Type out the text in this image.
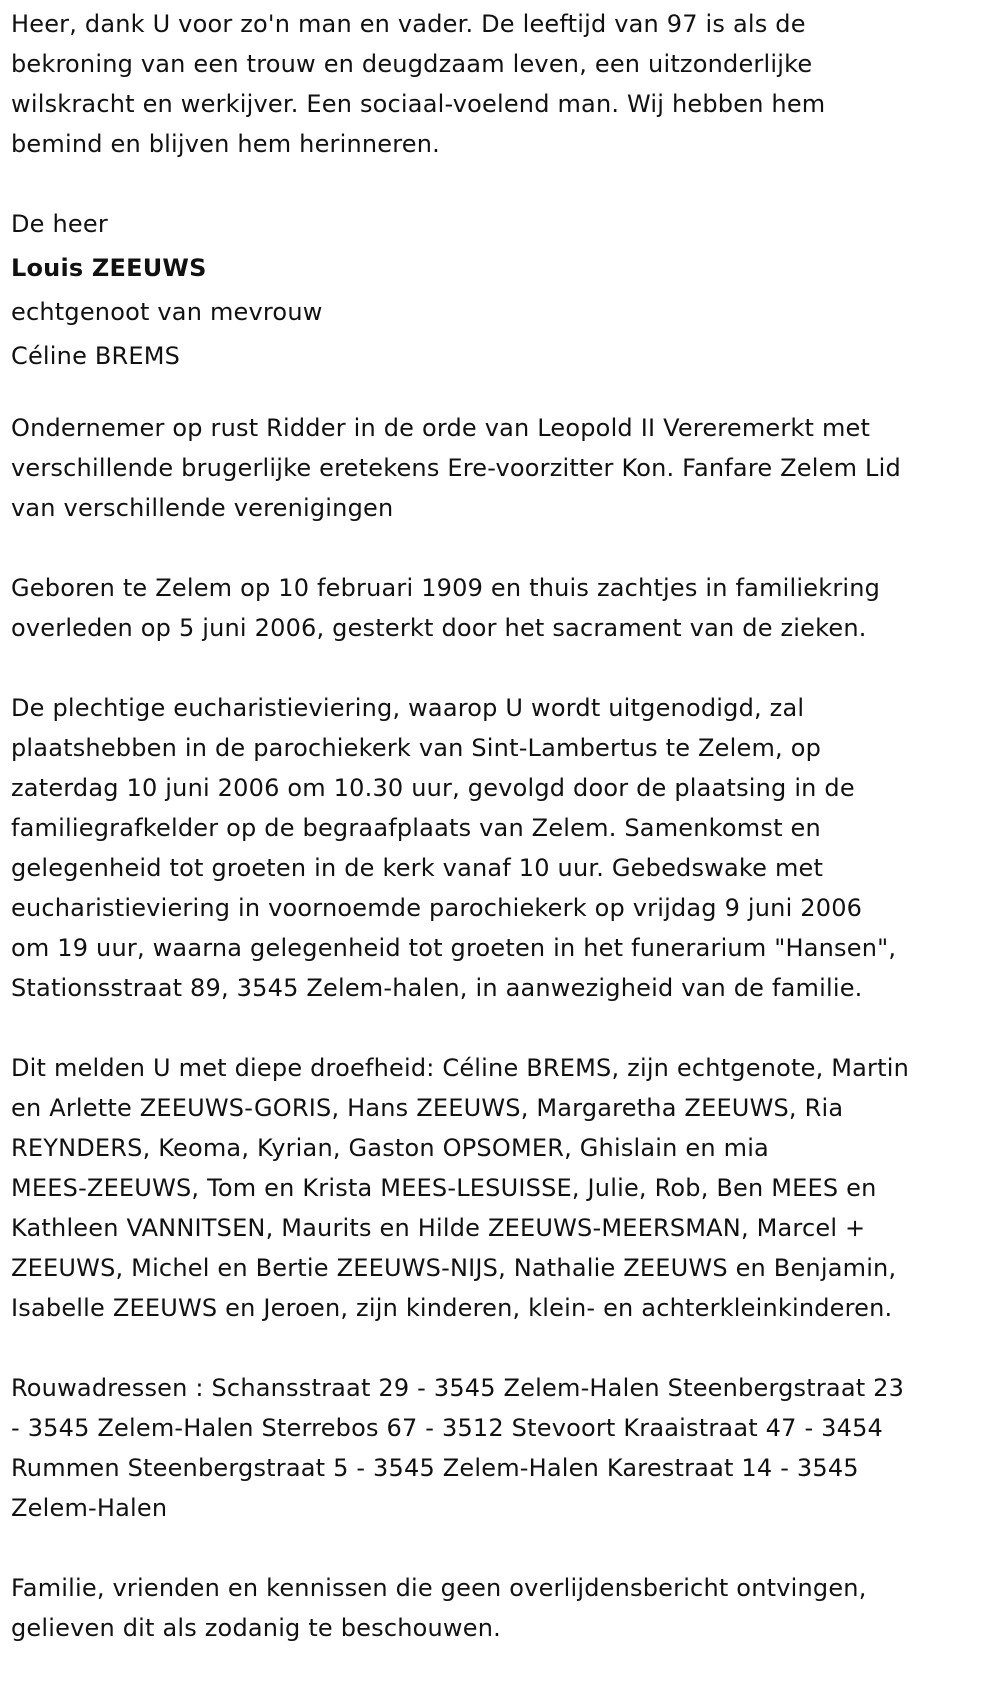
Heer, dank U voor zo'n man en vader. De leeftijd van 97 is als de
bekroning van een trouw en deugdzaam leven, een uitzonderlijke
wilskracht en werkijver. Een sociaal-voelend man. Wij hebben hem
bemind en blijven hem herinneren.

De heer

Louis ZEEUWS

echtgenoot van mevrouw

Céline BREMS

Ondernemer op rust Ridder in de orde van Leopold II Vereremerkt met
verschillende brugerlijke eretekens Ere-voorzitter Kon. Fanfare Zelem Lid
van verschillende verenigingen

Geboren te Zelem op 10 februari 1909 en thuis zachtjes in familiekring
overleden op 5 juni 2006, gesterkt door het sacrament van de zieken.

De plechtige eucharistieviering, waarop U wordt uitgenodigd, zal
plaatshebben in de parochiekerk van Sint-Lambertus te Zelem, op
zaterdag 10 juni 2006 om 10.30 uur, gevolgd door de plaatsing in de
familiegrafkelder op de begraafplaats van Zelem. Samenkomst en
gelegenheid tot groeten in de kerk vanaf 10 uur. Gebedswake met
eucharistieviering in voornoemde parochiekerk op vrijdag 9 juni 2006
om 19 uur, waarna gelegenheid tot groeten in het funerarium "Hansen",
Stationsstraat 89, 3545 Zelem-halen, in aanwezigheid van de familie.

Dit melden U met diepe droefheid: Céline BREMS, zijn echtgenote, Martin
en Arlette ZEEUWS-GORIS, Hans ZEEUWS, Margaretha ZEEUWS, Ria
REYNDERS, Keoma, Kyrian, Gaston OPSOMER, Ghislain en mia
MEES-ZEEUWS, Tom en Krista MEES-LESUISSE, Julie, Rob, Ben MEES en
Kathleen VANNITSEN, Maurits en Hilde ZEEUWS-MEERSMAN, Marcel +
ZEEUWS, Michel en Bertie ZEEUWS-NIJS, Nathalie ZEEUWS en Benjamin,
Isabelle ZEEUWS en Jeroen, zijn kinderen, klein- en achterkleinkinderen.

Rouwadressen : Schansstraat 29 - 3545 Zelem-Halen Steenbergstraat 23
- 3545 Zelem-Halen Sterrebos 67 - 3512 Stevoort Kraaistraat 47 - 3454
Rummen Steenbergstraat 5 - 3545 Zelem-Halen Karestraat 14 - 3545
Zelem-Halen

Familie, vrienden en kennissen die geen overlijdensbericht ontvingen,
gelieven dit als zodanig te beschouwen.
